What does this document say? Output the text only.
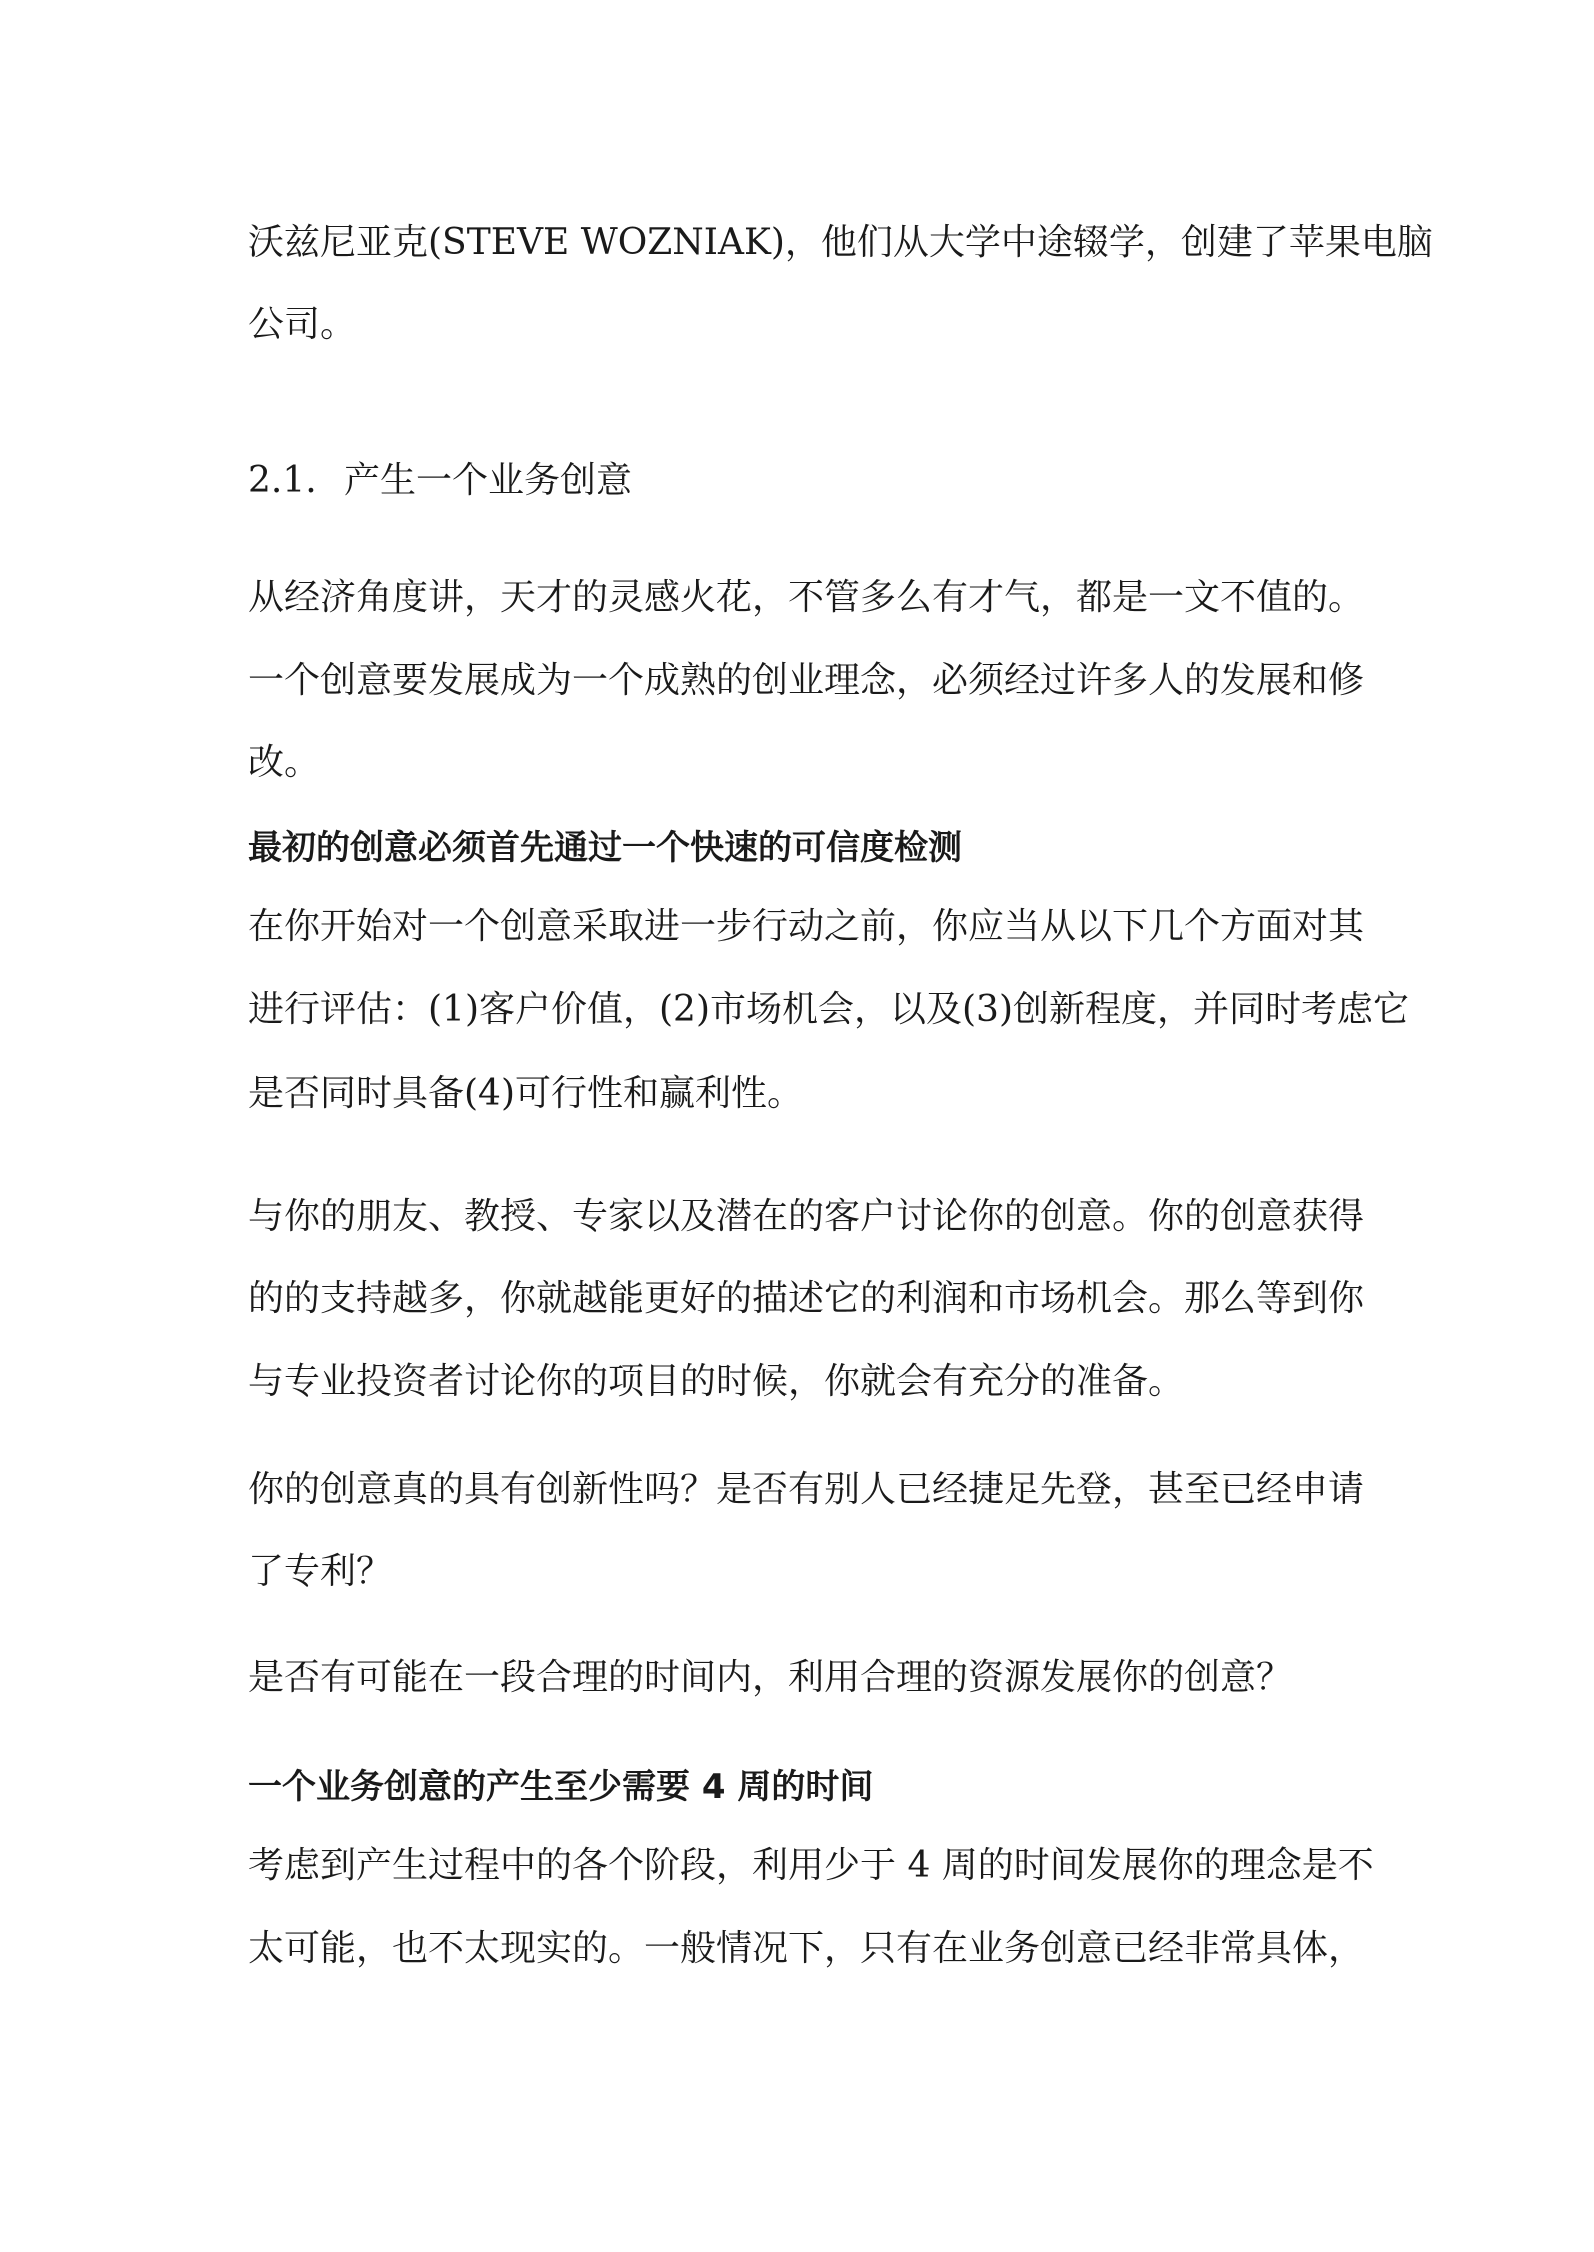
沃兹尼亚克(STEVE WOZNIAK)，他们从大学中途辍学，创建了苹果电脑
公司。
2.1. 产生一个业务创意
从经济角度讲，天才的灵感火花，不管多么有才气，都是一文不值的。
一个创意要发展成为一个成熟的创业理念，必须经过许多人的发展和修
改。
最初的创意必须首先通过一个快速的可信度检测
在你开始对一个创意采取进一步行动之前，你应当从以下几个方面对其
进行评估：(1)客户价值，(2)市场机会，以及(3)创新程度，并同时考虑它
是否同时具备(4)可行性和赢利性。
与你的朋友、教授、专家以及潜在的客户讨论你的创意。你的创意获得
的的支持越多，你就越能更好的描述它的利润和市场机会。那么等到你
与专业投资者讨论你的项目的时候，你就会有充分的准备。
你的创意真的具有创新性吗？是否有别人已经捷足先登，甚至已经申请
了专利？
是否有可能在一段合理的时间内，利用合理的资源发展你的创意？
一个业务创意的产生至少需要 4 周的时间
考虑到产生过程中的各个阶段，利用少于 4 周的时间发展你的理念是不
太可能，也不太现实的。一般情况下，只有在业务创意已经非常具体，
